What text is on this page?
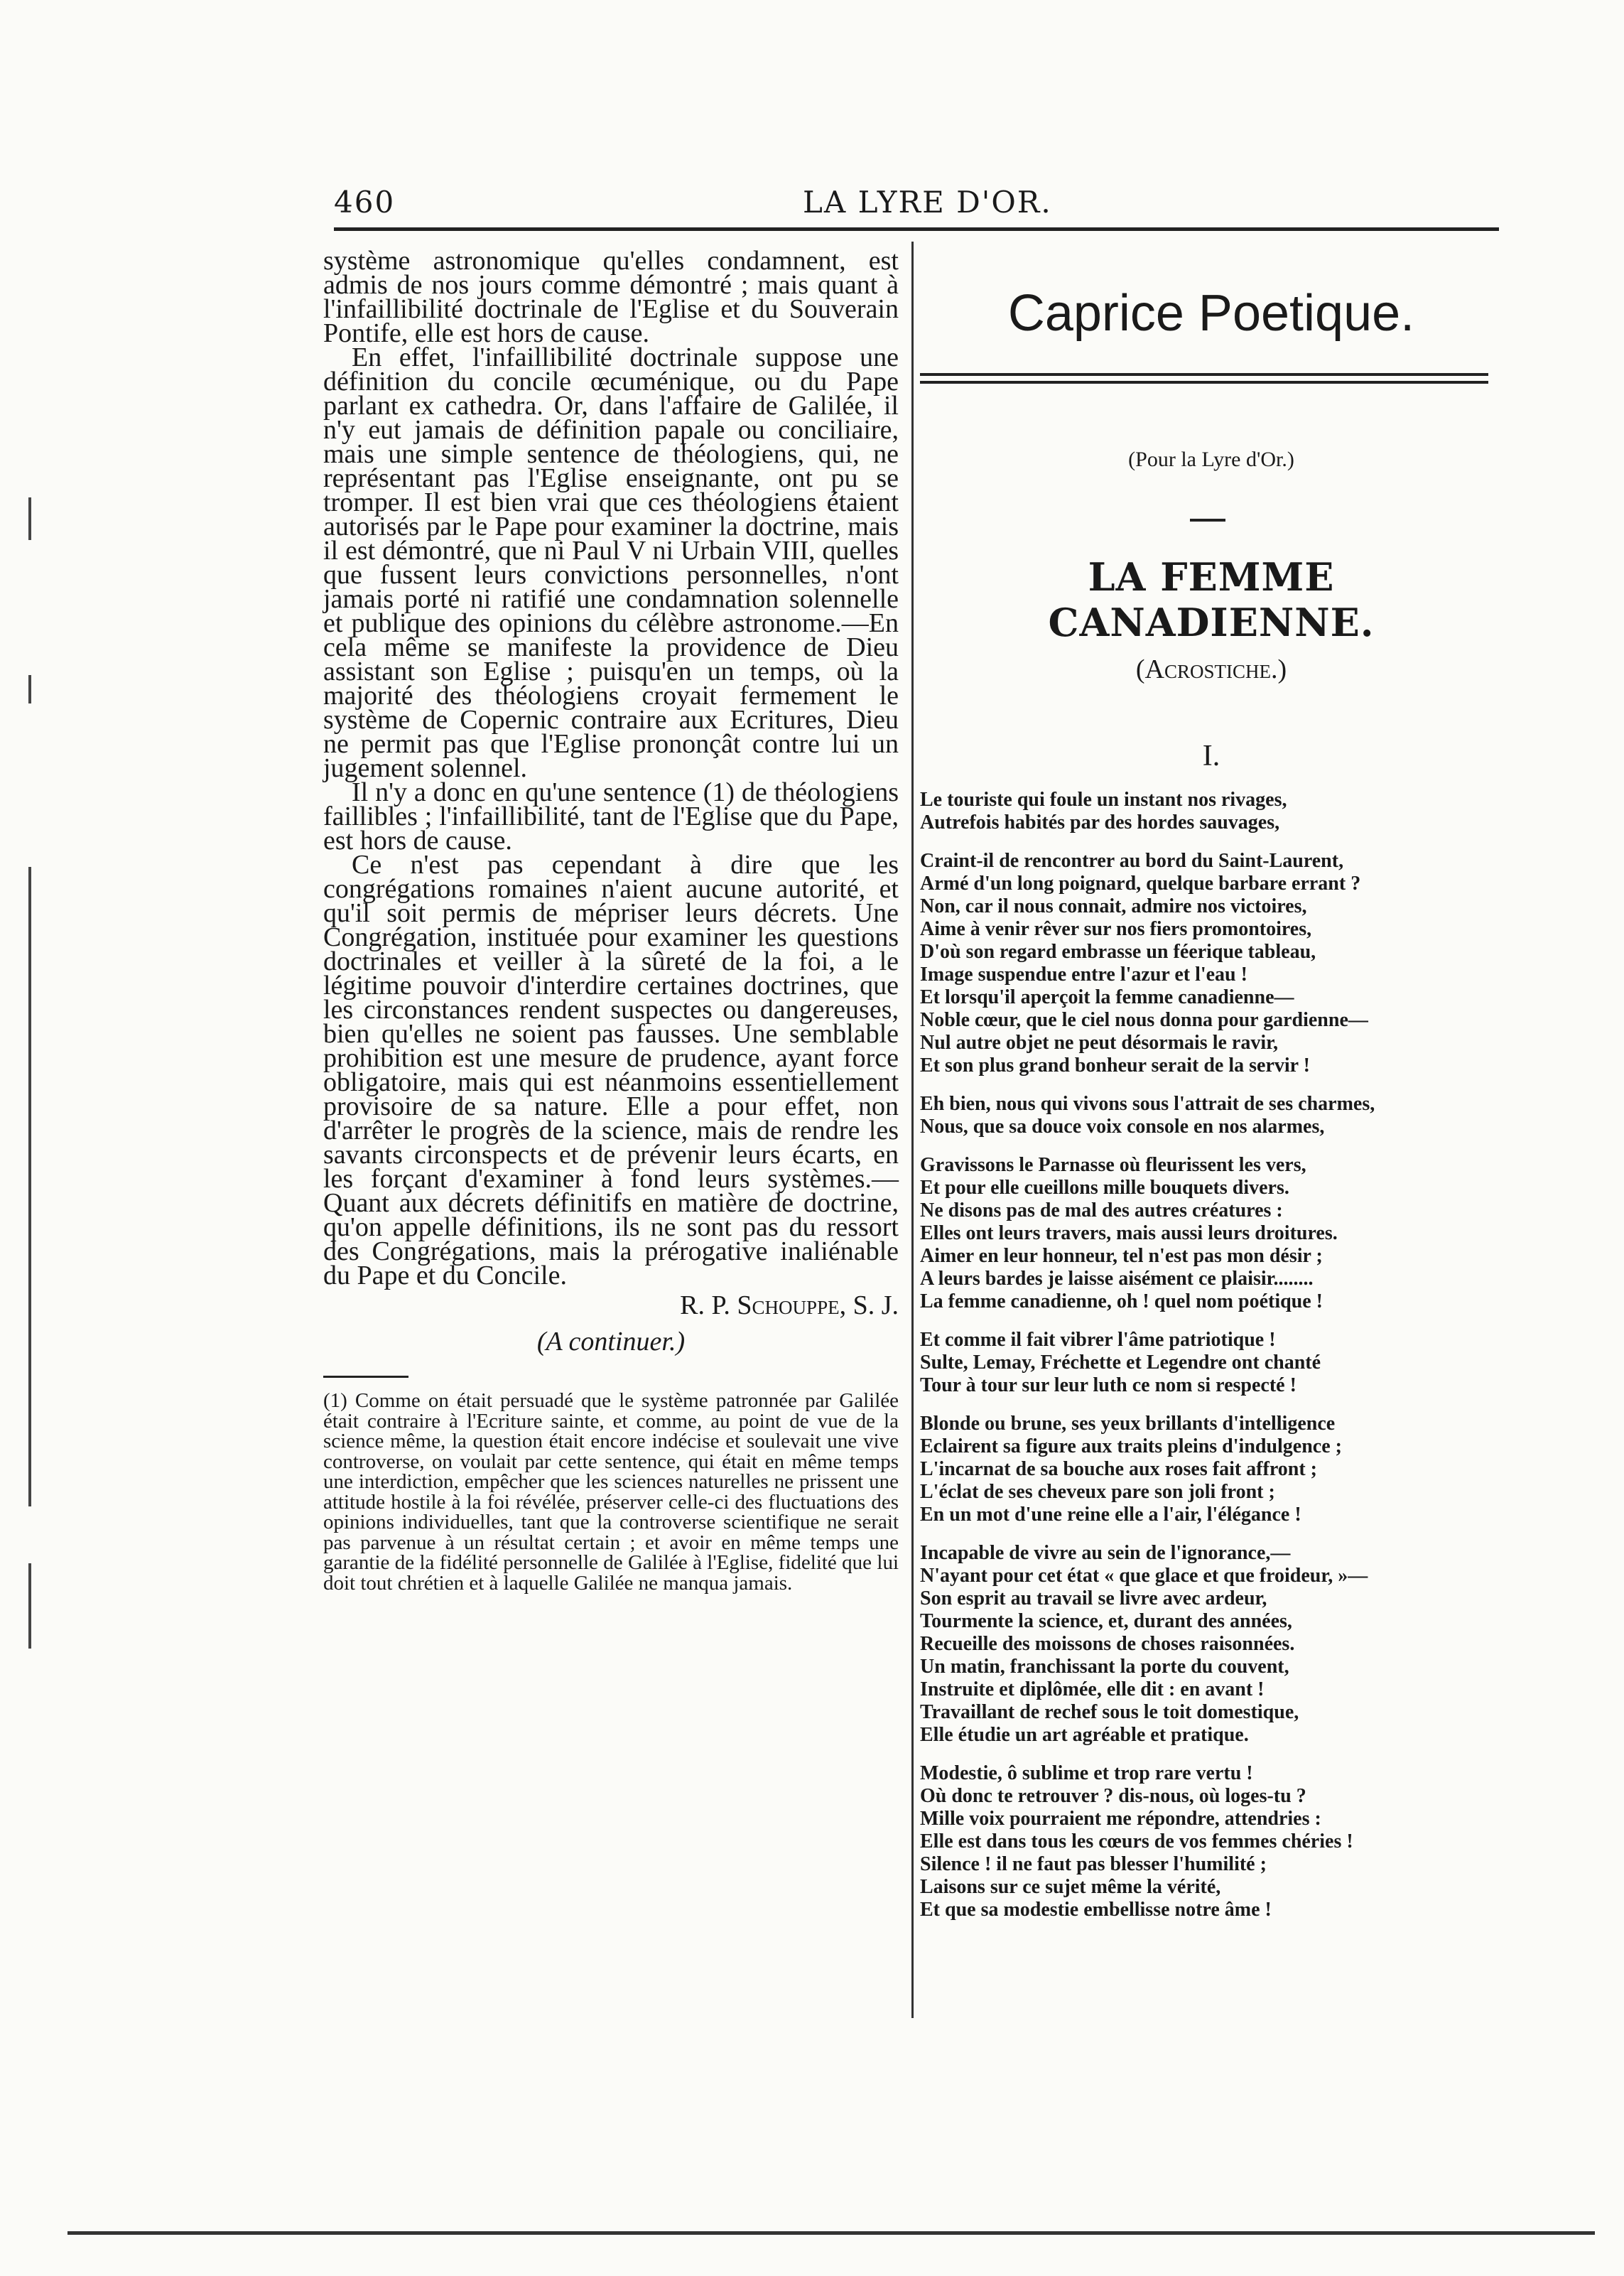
460	LA LYRE D'OR.

système astronomique qu'elles condamnent, est admis de nos jours comme démontré ; mais quant à l'infaillibilité doctrinale de l'Eglise et du Souverain Pontife, elle est hors de cause.

En effet, l'infaillibilité doctrinale suppose une définition du concile œcuménique, ou du Pape parlant ex cathedra. Or, dans l'affaire de Galilée, il n'y eut jamais de définition papale ou conciliaire, mais une simple sentence de théologiens, qui, ne représentant pas l'Eglise enseignante, ont pu se tromper. Il est bien vrai que ces théologiens étaient autorisés par le Pape pour examiner la doctrine, mais il est démontré, que ni Paul V ni Urbain VIII, quelles que fussent leurs convictions personnelles, n'ont jamais porté ni ratifié une condamnation solennelle et publique des opinions du célèbre astronome.—En cela même se manifeste la providence de Dieu assistant son Eglise ; puisqu'en un temps, où la majorité des théologiens croyait fermement le système de Copernic contraire aux Ecritures, Dieu ne permit pas que l'Eglise prononçât contre lui un jugement solennel.

Il n'y a donc en qu'une sentence (1) de théologiens faillibles ; l'infaillibilité, tant de l'Eglise que du Pape, est hors de cause.

Ce n'est pas cependant à dire que les congrégations romaines n'aient aucune autorité, et qu'il soit permis de mépriser leurs décrets. Une Congrégation, instituée pour examiner les questions doctrinales et veiller à la sûreté de la foi, a le légitime pouvoir d'interdire certaines doctrines, que les circonstances rendent suspectes ou dangereuses, bien qu'elles ne soient pas fausses. Une semblable prohibition est une mesure de prudence, ayant force obligatoire, mais qui est néanmoins essentiellement provisoire de sa nature. Elle a pour effet, non d'arrêter le progrès de la science, mais de rendre les savants circonspects et de prévenir leurs écarts, en les forçant d'examiner à fond leurs systèmes.—Quant aux décrets définitifs en matière de doctrine, qu'on appelle définitions, ils ne sont pas du ressort des Congrégations, mais la prérogative inaliénable du Pape et du Concile.

R. P. Schouppe, S. J.
(A continuer.)
(1) Comme on était persuadé que le système patronnée par Galilée était contraire à l'Ecriture sainte, et comme, au point de vue de la science même, la question était encore indécise et soulevait une vive controverse, on voulait par cette sentence, qui était en même temps une interdiction, empêcher que les sciences naturelles ne prissent une attitude hostile à la foi révélée, préserver celle-ci des fluctuations des opinions individuelles, tant que la controverse scientifique ne serait pas parvenue à un résultat certain ; et avoir en même temps une garantie de la fidélité personnelle de Galilée à l'Eglise, fidelité que lui doit tout chrétien et à laquelle Galilée ne manqua jamais.
Caprice Poetique.
(Pour la Lyre d'Or.)
LA FEMME CANADIENNE.
(Acrostiche.)
I.
Le touriste qui foule un instant nos rivages,
Autrefois habités par des hordes sauvages,
Craint-il de rencontrer au bord du Saint-Laurent,
Armé d'un long poignard, quelque barbare errant ?
Non, car il nous connait, admire nos victoires,
Aime à venir rêver sur nos fiers promontoires,
D'où son regard embrasse un féerique tableau,
Image suspendue entre l'azur et l'eau !
Et lorsqu'il aperçoit la femme canadienne—
Noble cœur, que le ciel nous donna pour gardienne—
Nul autre objet ne peut désormais le ravir,
Et son plus grand bonheur serait de la servir !
Eh bien, nous qui vivons sous l'attrait de ses charmes,
Nous, que sa douce voix console en nos alarmes,
Gravissons le Parnasse où fleurissent les vers,
Et pour elle cueillons mille bouquets divers.
Ne disons pas de mal des autres créatures :
Elles ont leurs travers, mais aussi leurs droitures.
Aimer en leur honneur, tel n'est pas mon désir ;
A leurs bardes je laisse aisément ce plaisir........
La femme canadienne, oh ! quel nom poétique !
Et comme il fait vibrer l'âme patriotique !
Sulte, Lemay, Fréchette et Legendre ont chanté
Tour à tour sur leur luth ce nom si respecté !
Blonde ou brune, ses yeux brillants d'intelligence
Eclairent sa figure aux traits pleins d'indulgence ;
L'incarnat de sa bouche aux roses fait affront ;
L'éclat de ses cheveux pare son joli front ;
En un mot d'une reine elle a l'air, l'élégance !
Incapable de vivre au sein de l'ignorance,—
N'ayant pour cet état « que glace et que froideur, »—
Son esprit au travail se livre avec ardeur,
Tourmente la science, et, durant des années,
Recueille des moissons de choses raisonnées.
Un matin, franchissant la porte du couvent,
Instruite et diplômée, elle dit : en avant !
Travaillant de rechef sous le toit domestique,
Elle étudie un art agréable et pratique.
Modestie, ô sublime et trop rare vertu !
Où donc te retrouver ? dis-nous, où loges-tu ?
Mille voix pourraient me répondre, attendries :
Elle est dans tous les cœurs de vos femmes chéries !
Silence ! il ne faut pas blesser l'humilité ;
Laisons sur ce sujet même la vérité,
Et que sa modestie embellisse notre âme !
